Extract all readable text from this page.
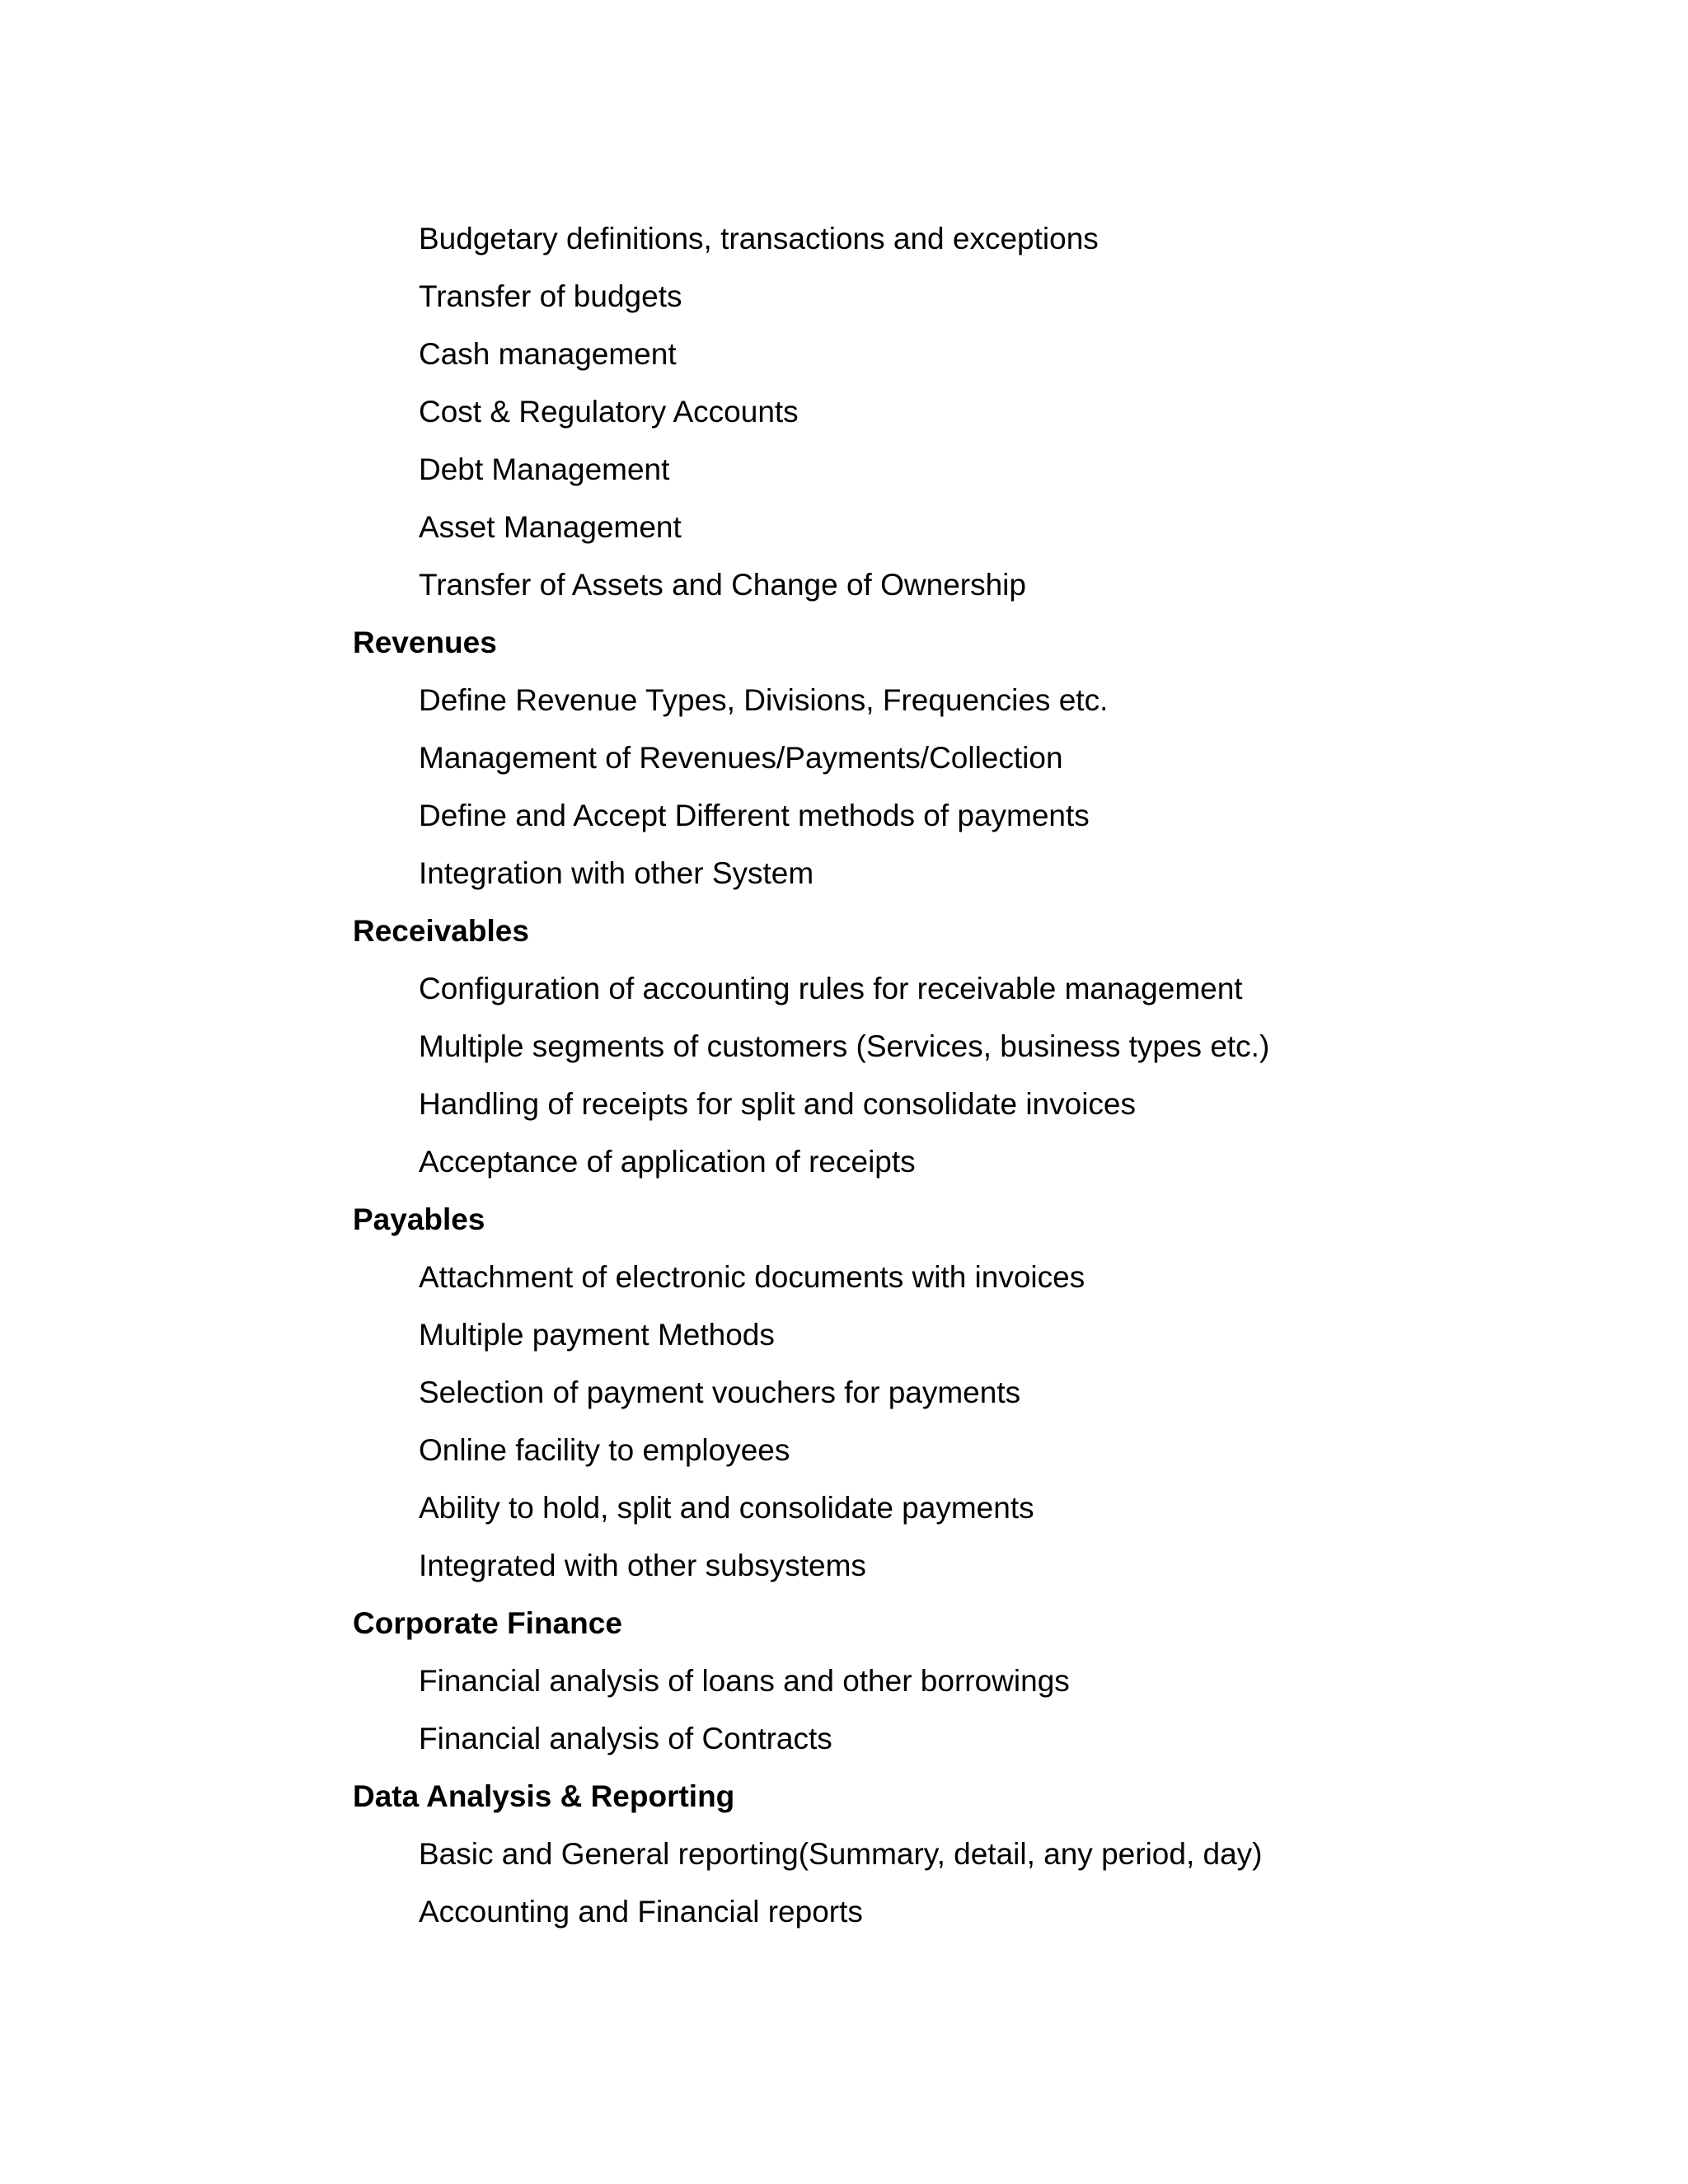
Budgetary definitions, transactions and exceptions
Transfer of budgets
Cash management
Cost & Regulatory Accounts
Debt Management
Asset Management
Transfer of Assets and Change of Ownership
Revenues
Define Revenue Types, Divisions, Frequencies etc.
Management of Revenues/Payments/Collection
Define and Accept Different methods of payments
Integration with other System
Receivables
Configuration of accounting rules for receivable management
Multiple segments of customers (Services, business types etc.)
Handling of receipts for split and consolidate invoices
Acceptance of application of receipts
Payables
Attachment of electronic documents with invoices
Multiple payment Methods
Selection of payment vouchers for payments
Online facility to employees
Ability to hold, split and consolidate payments
Integrated with other subsystems
Corporate Finance
Financial analysis of loans and other borrowings
Financial analysis of Contracts
Data Analysis & Reporting
Basic and General reporting(Summary, detail, any period, day)
Accounting and Financial reports
